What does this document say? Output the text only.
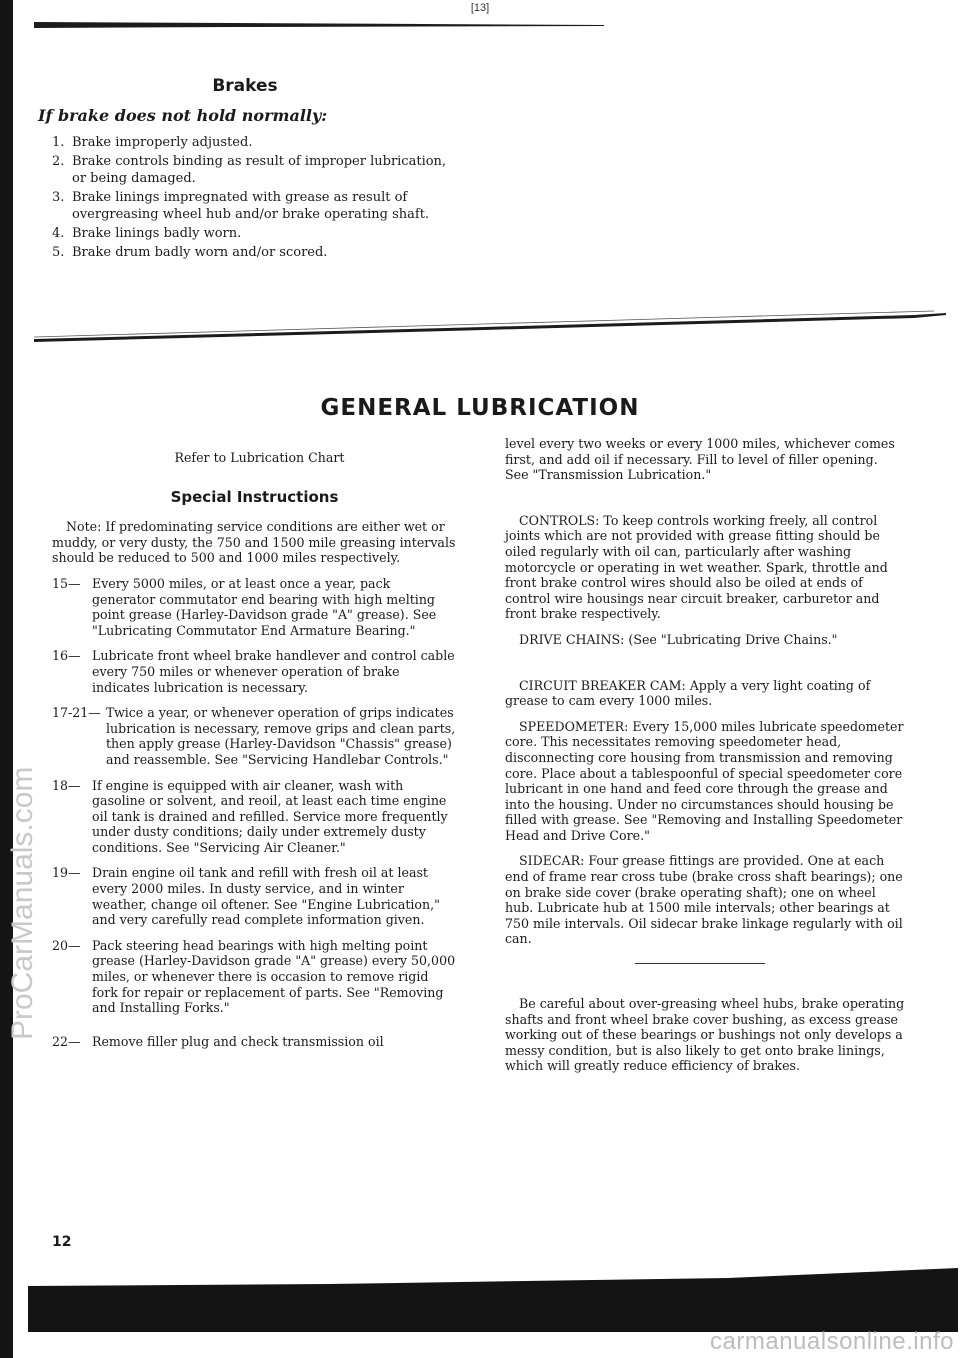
[13]
Brakes
If brake does not hold normally:
1. Brake improperly adjusted.
2. Brake controls binding as result of improper lubrication, or being damaged.
3. Brake linings impregnated with grease as result of overgreasing wheel hub and/or brake operating shaft.
4. Brake linings badly worn.
5. Brake drum badly worn and/or scored.
GENERAL LUBRICATION

Refer to Lubrication Chart

Special Instructions

Note: If predominating service conditions are either wet or muddy, or very dusty, the 750 and 1500 mile greasing intervals should be reduced to 500 and 1000 miles respectively.

15— Every 5000 miles, or at least once a year, pack generator commutator end bearing with high melting point grease (Harley-Davidson grade "A" grease). See "Lubricating Commutator End Armature Bearing."
16— Lubricate front wheel brake handlever and control cable every 750 miles or whenever operation of brake indicates lubrication is necessary.
17-21— Twice a year, or whenever operation of grips indicates lubrication is necessary, remove grips and clean parts, then apply grease (Harley-Davidson "Chassis" grease) and reassemble. See "Servicing Handlebar Controls."
18— If engine is equipped with air cleaner, wash with gasoline or solvent, and reoil, at least each time engine oil tank is drained and refilled. Service more frequently under dusty conditions; daily under extremely dusty conditions. See "Servicing Air Cleaner."
19— Drain engine oil tank and refill with fresh oil at least every 2000 miles. In dusty service, and in winter weather, change oil oftener. See "Engine Lubrication," and very carefully read complete information given.
20— Pack steering head bearings with high melting point grease (Harley-Davidson grade "A" grease) every 50,000 miles, or whenever there is occasion to remove rigid fork for repair or replacement of parts. See "Removing and Installing Forks."
22— Remove filler plug and check transmission oil

level every two weeks or every 1000 miles, whichever comes first, and add oil if necessary. Fill to level of filler opening. See "Transmission Lubrication."

CONTROLS: To keep controls working freely, all control joints which are not provided with grease fitting should be oiled regularly with oil can, particularly after washing motorcycle or operating in wet weather. Spark, throttle and front brake control wires should also be oiled at ends of control wire housings near circuit breaker, carburetor and front brake respectively.

DRIVE CHAINS: (See "Lubricating Drive Chains."

CIRCUIT BREAKER CAM: Apply a very light coating of grease to cam every 1000 miles.

SPEEDOMETER: Every 15,000 miles lubricate speedometer core. This necessitates removing speedometer head, disconnecting core housing from transmission and removing core. Place about a tablespoonful of special speedometer core lubricant in one hand and feed core through the grease and into the housing. Under no circumstances should housing be filled with grease. See "Removing and Installing Speedometer Head and Drive Core."

SIDECAR: Four grease fittings are provided. One at each end of frame rear cross tube (brake cross shaft bearings); one on brake side cover (brake operating shaft); one on wheel hub. Lubricate hub at 1500 mile intervals; other bearings at 750 mile intervals. Oil sidecar brake linkage regularly with oil can.

Be careful about over-greasing wheel hubs, brake operating shafts and front wheel brake cover bushing, as excess grease working out of these bearings or bushings not only develops a messy condition, but is also likely to get onto brake linings, which will greatly reduce efficiency of brakes.

12
ProCarManuals.com
carmanualsonline.info
